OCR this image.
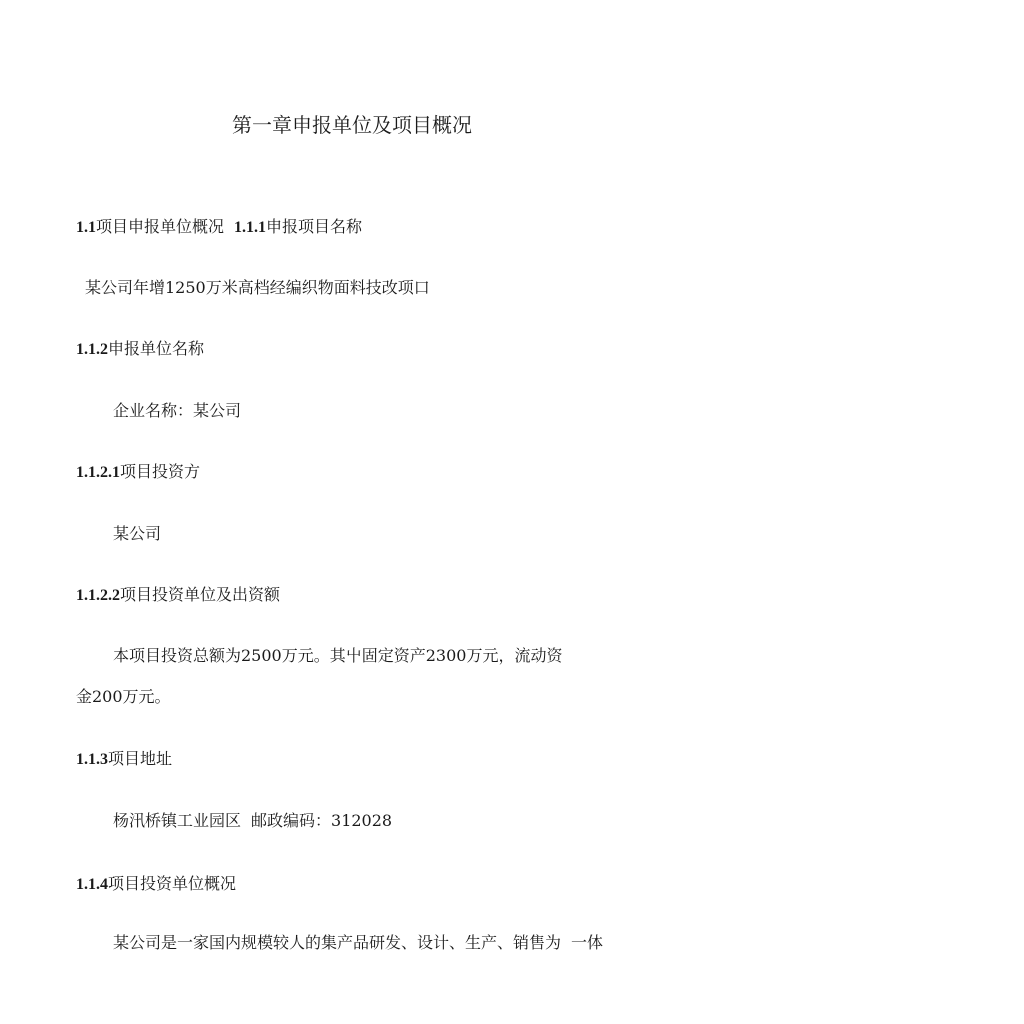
第一章申报单位及项目概况
1.1项目申报单位概况 1.1.1申报项目名称
某公司年增1250万米高档经编织物面料技改项口
1.1.2申报单位名称
企业名称：某公司
1.1.2.1项目投资方
某公司
1.1.2.2项目投资单位及出资额
本项目投资总额为2500万元。其屮固定资产2300万元，流动资
金200万元。
1.1.3项目地址
杨汛桥镇工业园区 邮政编码：312028
1.1.4项目投资单位概况
某公司是一家国内规模较人的集产品研发、设计、生产、销售为 一体
